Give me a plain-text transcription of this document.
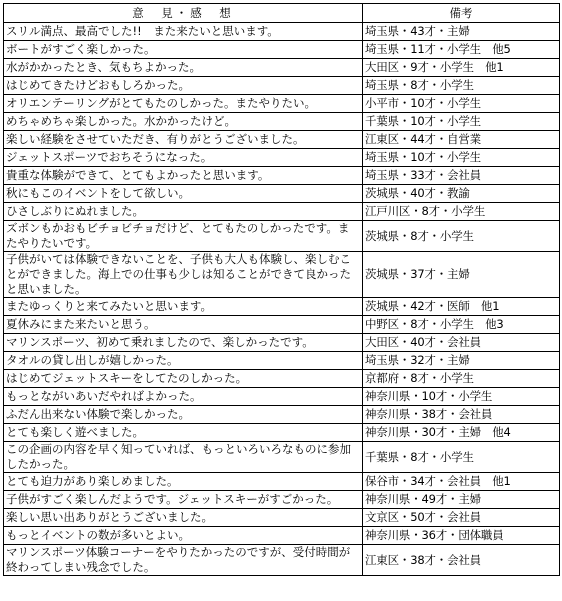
意　見・感　想	備考
スリル満点、最高でした!!　また来たいと思います。	埼玉県・43才・主婦
ボートがすごく楽しかった。	埼玉県・11才・小学生　他5
水がかかったとき、気もちよかった。	大田区・9才・小学生　他1
はじめてきたけどおもしろかった。	埼玉県・8才・小学生
オリエンテーリングがとてもたのしかった。またやりたい。	小平市・10才・小学生
めちゃめちゃ楽しかった。水かかったけど。	千葉県・10才・小学生
楽しい経験をさせていただき、有りがとうございました。	江東区・44才・自営業
ジェットスポーツでおちそうになった。	埼玉県・10才・小学生
貴重な体験ができて、とてもよかったと思います。	埼玉県・33才・会社員
秋にもこのイベントをして欲しい。	茨城県・40才・教諭
ひさしぶりにぬれました。	江戸川区・8才・小学生
ズボンもかおもビチョビチョだけど、とてもたのしかったです。またやりたいです。	茨城県・8才・小学生
子供がいては体験できないことを、子供も大人も体験し、楽しむことができました。海上での仕事も少しは知ることができて良かったと思いました。	茨城県・37才・主婦
またゆっくりと来てみたいと思います。	茨城県・42才・医師　他1
夏休みにまた来たいと思う。	中野区・8才・小学生　他3
マリンスポーツ、初めて乗れましたので、楽しかったです。	大田区・40才・会社員
タオルの貸し出しが嬉しかった。	埼玉県・32才・主婦
はじめてジェットスキーをしてたのしかった。	京都府・8才・小学生
もっとながいあいだやればよかった。	神奈川県・10才・小学生
ふだん出来ない体験で楽しかった。	神奈川県・38才・会社員
とても楽しく遊べました。	神奈川県・30才・主婦　他4
この企画の内容を早く知っていれば、もっといろいろなものに参加したかった。	千葉県・8才・小学生
とても迫力があり楽しめました。	保谷市・34才・会社員　他1
子供がすごく楽しんだようです。ジェットスキーがすごかった。	神奈川県・49才・主婦
楽しい思い出ありがとうございました。	文京区・50才・会社員
もっとイベントの数が多いとよい。	神奈川県・36才・団体職員
マリンスポーツ体験コーナーをやりたかったのですが、受付時間が終わってしまい残念でした。	江東区・38才・会社員
